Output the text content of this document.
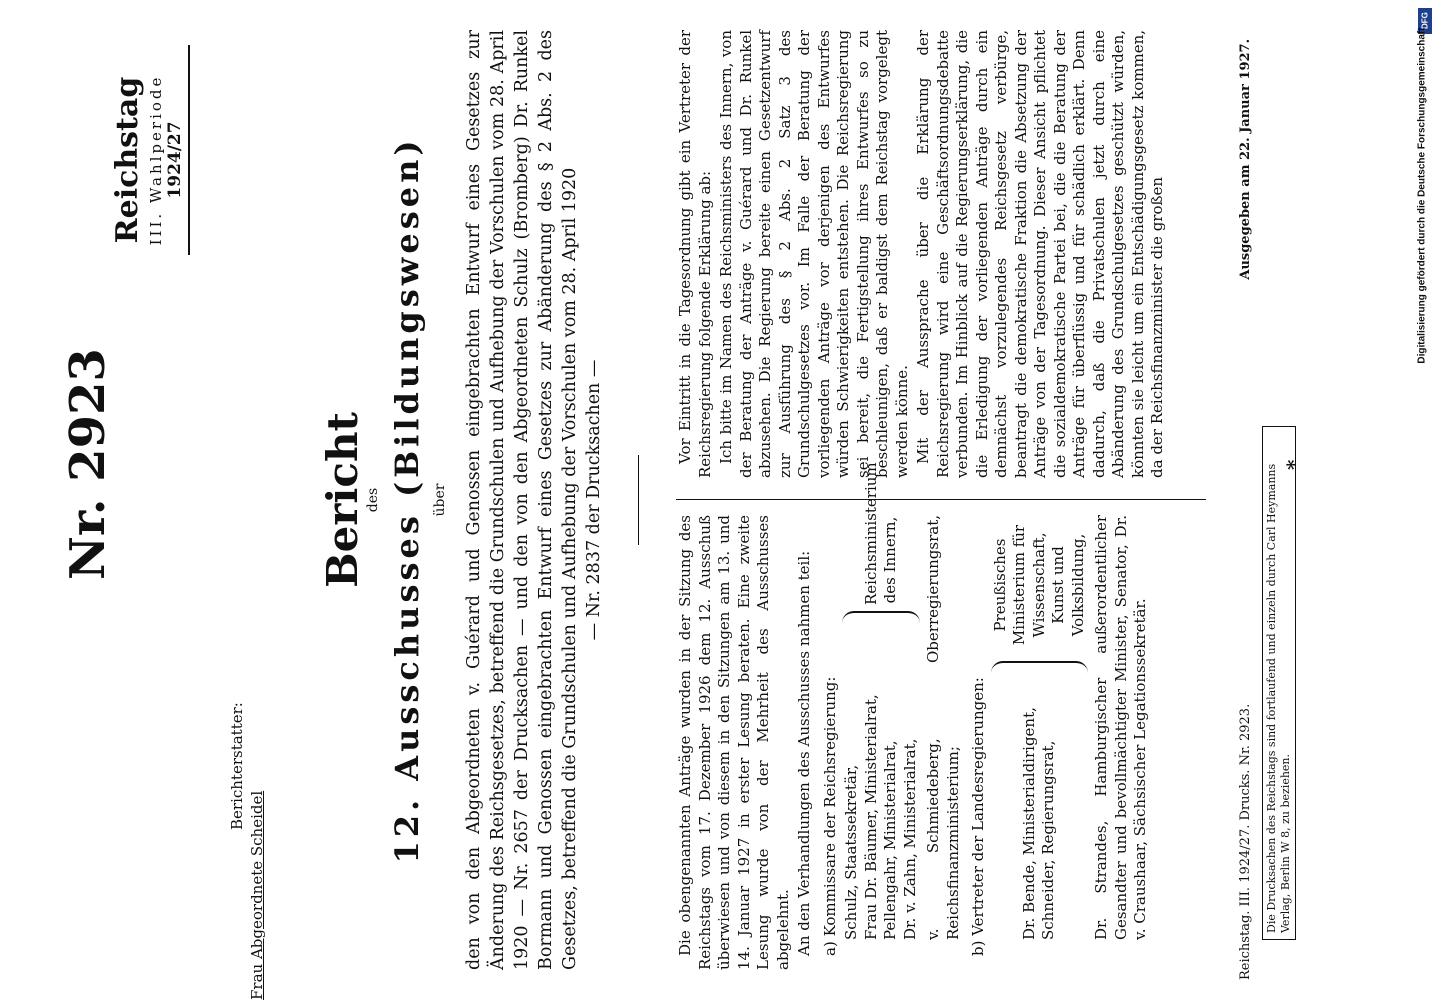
Nr. 2923
Reichstag III. Wahlperiode 1924/27
Berichterstatter:
Frau Abgeordnete Scheidel
Bericht
des 12. Ausschusses (Bildungswesen) über den von den Abgeordneten v. Guérard und Genossen eingebrachten Entwurf eines Gesetzes zur Änderung des Reichsgesetzes, betreffend die Grundschulen und Aufhebung der Vorschulen vom 28. April 1920 — Nr. 2657 der Drucksachen — und den von den Abgeordneten Schulz (Bromberg) Dr. Runkel Bormann und Genossen eingebrachten Entwurf eines Gesetzes zur Abänderung des § 2 Abs. 2 des Gesetzes, betreffend die Grundschulen und Aufhebung der Vorschulen vom 28. April 1920 — Nr. 2837 der Drucksachen —

Die obengenannten Anträge wurden in der Sitzung des Reichstags vom 17. Dezember 1926 dem 12. Ausschuß überwiesen und von diesem in den Sitzungen am 13. und 14. Januar 1927 in erster Lesung beraten. Eine zweite Lesung wurde von der Mehrheit des Ausschusses abgelehnt. An den Verhandlungen des Ausschusses nahmen teil: a) Kommissare der Reichsregierung: Schulz, Staatssekretär, Frau Dr. Bäumer, Ministerialrat, Pellengahr, Ministerialrat, Dr. v. Zahn, Ministerialrat,
Reichsministerium des Innern, v. Schmiedeberg, Oberregierungsrat, Reichsfinanzministerium; b) Vertreter der Landesregierungen: Dr. Bende, Ministerialdirigent, Schneider, Regierungsrat,
Preußisches Ministerium für Wissenschaft, Kunst und Volksbildung, Dr. Strandes, Hamburgischer außerordentlicher Gesandter und bevollmächtigter Minister, Senator, Dr. v. Craushaar, Sächsischer Legationssekretär.

Vor Eintritt in die Tagesordnung gibt ein Vertreter der Reichsregierung folgende Erklärung ab: Ich bitte im Namen des Reichsministers des Innern, von der Beratung der Anträge v. Guérard und Dr. Runkel abzusehen. Die Regierung bereite einen Gesetzentwurf zur Ausführung des § 2 Abs. 2 Satz 3 des Grundschulgesetzes vor. Im Falle der Beratung der vorliegenden Anträge vor derjenigen des Entwurfes würden Schwierigkeiten entstehen. Die Reichsregierung sei bereit, die Fertigstellung ihres Entwurfes so zu beschleunigen, daß er baldigst dem Reichstag vorgelegt werden könne. Mit der Aussprache über die Erklärung der Reichsregierung wird eine Geschäftsordnungsdebatte verbunden. Im Hinblick auf die Regierungserklärung, die die Erledigung der vorliegenden Anträge durch ein demnächst vorzulegendes Reichsgesetz verbürge, beantragt die demokratische Fraktion die Absetzung der Anträge von der Tagesordnung. Dieser Ansicht pflichtet die sozialdemokratische Partei bei, die die Beratung der Anträge für überflüssig und für schädlich erklärt. Denn dadurch, daß die Privatschulen jetzt durch eine Abänderung des Grundschulgesetzes geschützt würden, könnten sie leicht um ein Entschädigungsgesetz kommen, da der Reichsfinanzminister die großen

Reichstag. III. 1924/27. Drucks. Nr. 2923. Ausgegeben am 22. Januar 1927.
Die Drucksachen des Reichstags sind fortlaufend und einzeln durch Carl Heymanns Verlag, Berlin W 8, zu beziehen.
*
DFG
Digitalisierung gefördert durch die Deutsche Forschungsgemeinschaft
